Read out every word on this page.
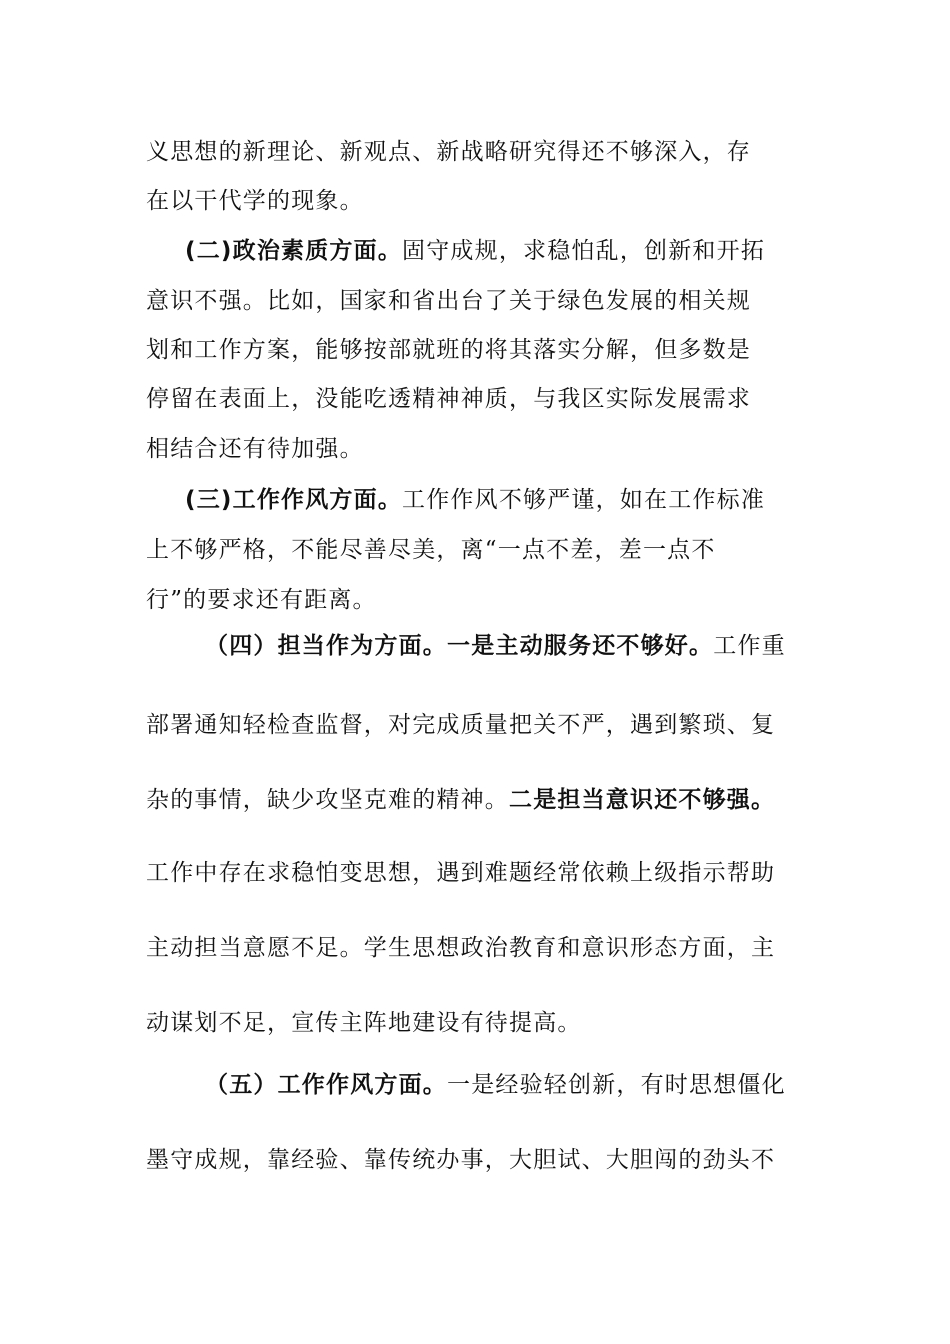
义思想的新理论、新观点、新战略研究得还不够深入，存
在以干代学的现象。
(二)政治素质方面。固守成规，求稳怕乱，创新和开拓
意识不强。比如，国家和省出台了关于绿色发展的相关规
划和工作方案，能够按部就班的将其落实分解，但多数是
停留在表面上，没能吃透精神神质，与我区实际发展需求
相结合还有待加强。
(三)工作作风方面。工作作风不够严谨，如在工作标准
上不够严格，不能尽善尽美，离“一点不差，差一点不
行”的要求还有距离。
（四）担当作为方面。一是主动服务还不够好。工作重
部署通知轻检查监督，对完成质量把关不严，遇到繁琐、复
杂的事情，缺少攻坚克难的精神。二是担当意识还不够强。
工作中存在求稳怕变思想，遇到难题经常依赖上级指示帮助
主动担当意愿不足。学生思想政治教育和意识形态方面，主
动谋划不足，宣传主阵地建设有待提高。
（五）工作作风方面。一是经验轻创新，有时思想僵化
墨守成规，靠经验、靠传统办事，大胆试、大胆闯的劲头不
